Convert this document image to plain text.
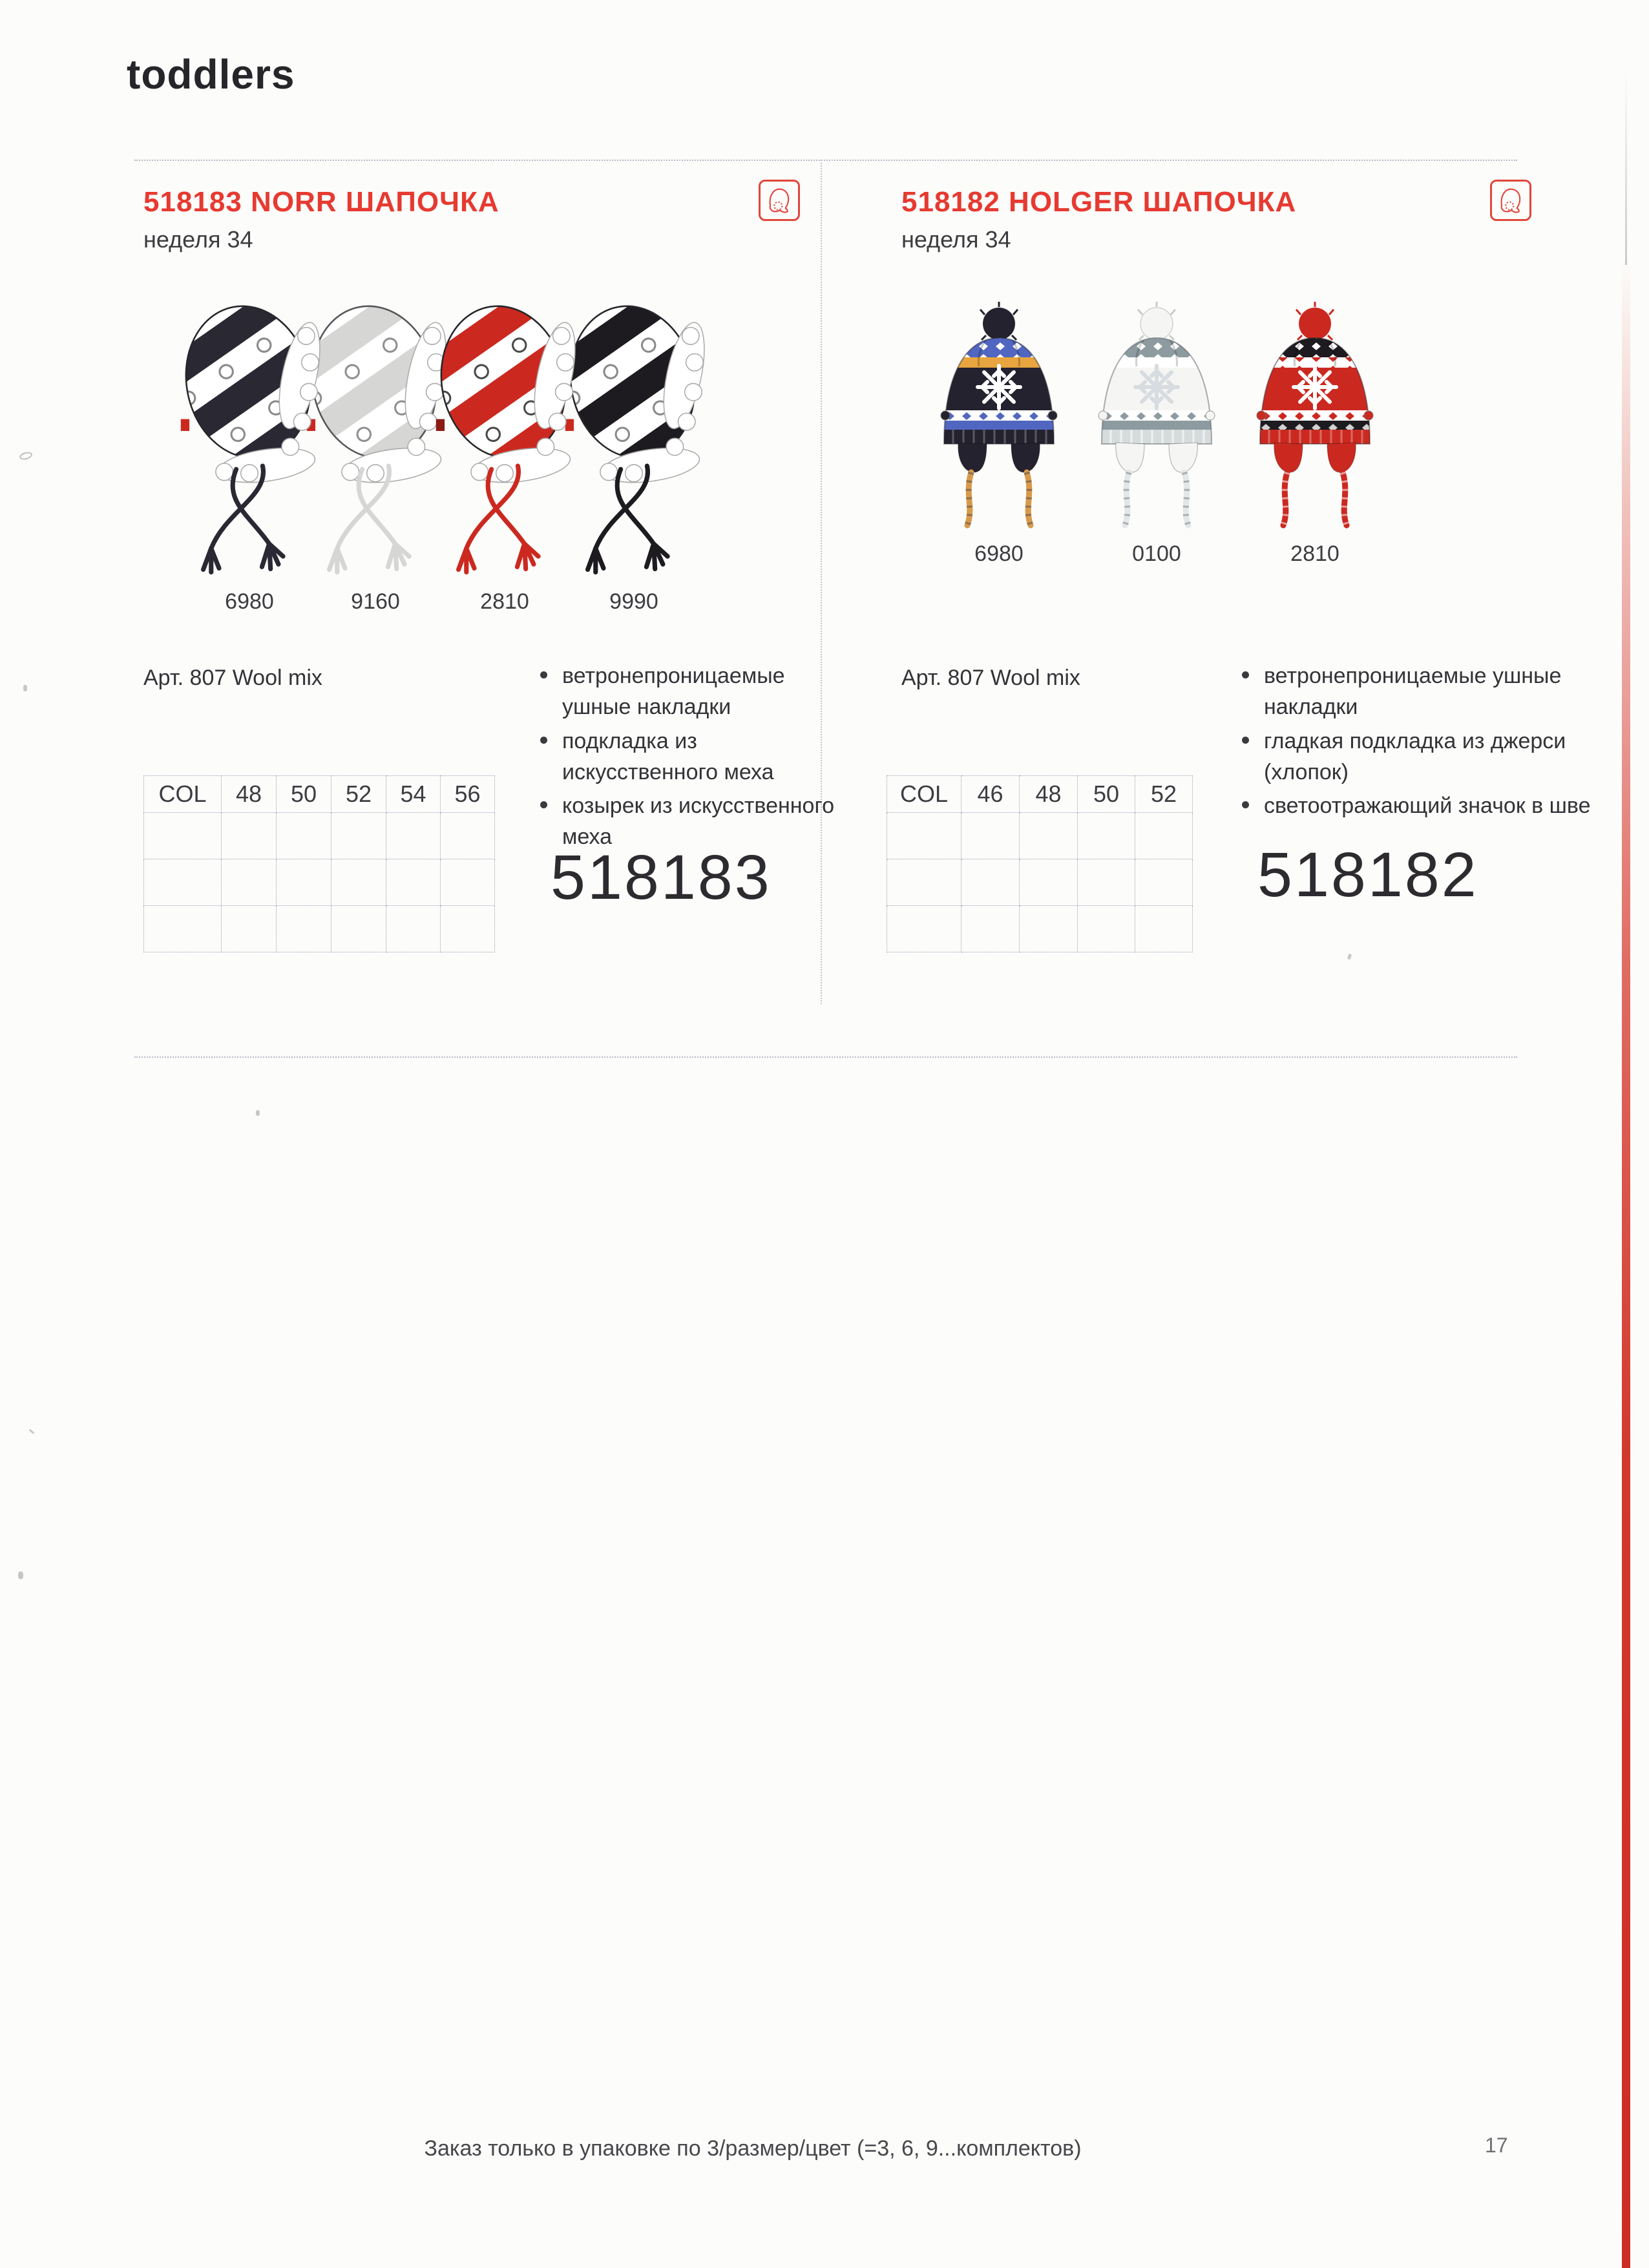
toddlers
518183 NORR ШАПОЧКА
неделя 34
6980	9160	2810	9990
Арт. 807 Wool mix	ветронепроницаемые ушные накладки
подкладка из искусственного меха
козырек из искусственного меха
518183
COL	48	50	52	54	56

518182 HOLGER ШАПОЧКА
неделя 34
6980	0100	2810
Арт. 807 Wool mix	ветронепроницаемые ушные накладки
гладкая подкладка из джерси (хлопок)
светоотражающий значок в шве
518182
COL	46	48	50	52

Заказ только в упаковке по 3/размер/цвет (=3, 6, 9...комплектов)	17
